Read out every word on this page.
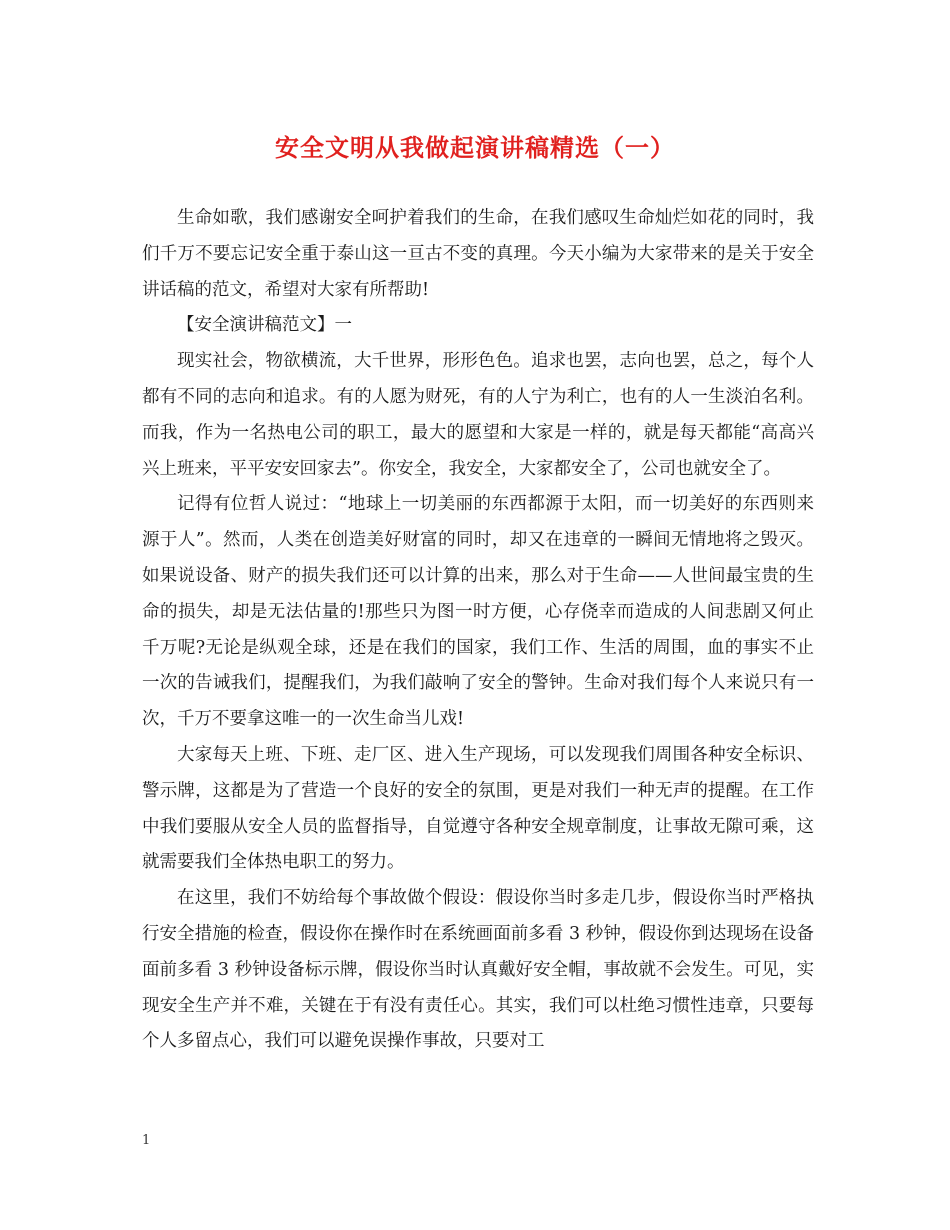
安全文明从我做起演讲稿精选（一）

生命如歌，我们感谢安全呵护着我们的生命，在我们感叹生命灿烂如花的同时，我们千万不要忘记安全重于泰山这一亘古不变的真理。今天小编为大家带来的是关于安全讲话稿的范文，希望对大家有所帮助!

【安全演讲稿范文】一

现实社会，物欲横流，大千世界，形形色色。追求也罢，志向也罢，总之，每个人都有不同的志向和追求。有的人愿为财死，有的人宁为利亡，也有的人一生淡泊名利。而我，作为一名热电公司的职工，最大的愿望和大家是一样的，就是每天都能“高高兴兴上班来，平平安安回家去”。你安全，我安全，大家都安全了，公司也就安全了。

记得有位哲人说过：“地球上一切美丽的东西都源于太阳，而一切美好的东西则来源于人”。然而，人类在创造美好财富的同时，却又在违章的一瞬间无情地将之毁灭。如果说设备、财产的损失我们还可以计算的出来，那么对于生命——人世间最宝贵的生命的损失，却是无法估量的!那些只为图一时方便，心存侥幸而造成的人间悲剧又何止千万呢?无论是纵观全球，还是在我们的国家，我们工作、生活的周围，血的事实不止一次的告诫我们，提醒我们，为我们敲响了安全的警钟。生命对我们每个人来说只有一次，千万不要拿这唯一的一次生命当儿戏!

大家每天上班、下班、走厂区、进入生产现场，可以发现我们周围各种安全标识、警示牌，这都是为了营造一个良好的安全的氛围，更是对我们一种无声的提醒。在工作中我们要服从安全人员的监督指导，自觉遵守各种安全规章制度，让事故无隙可乘，这就需要我们全体热电职工的努力。

在这里，我们不妨给每个事故做个假设：假设你当时多走几步，假设你当时严格执行安全措施的检查，假设你在操作时在系统画面前多看 3 秒钟，假设你到达现场在设备面前多看 3 秒钟设备标示牌，假设你当时认真戴好安全帽，事故就不会发生。可见，实现安全生产并不难，关键在于有没有责任心。其实，我们可以杜绝习惯性违章，只要每个人多留点心，我们可以避免误操作事故，只要对工

1
